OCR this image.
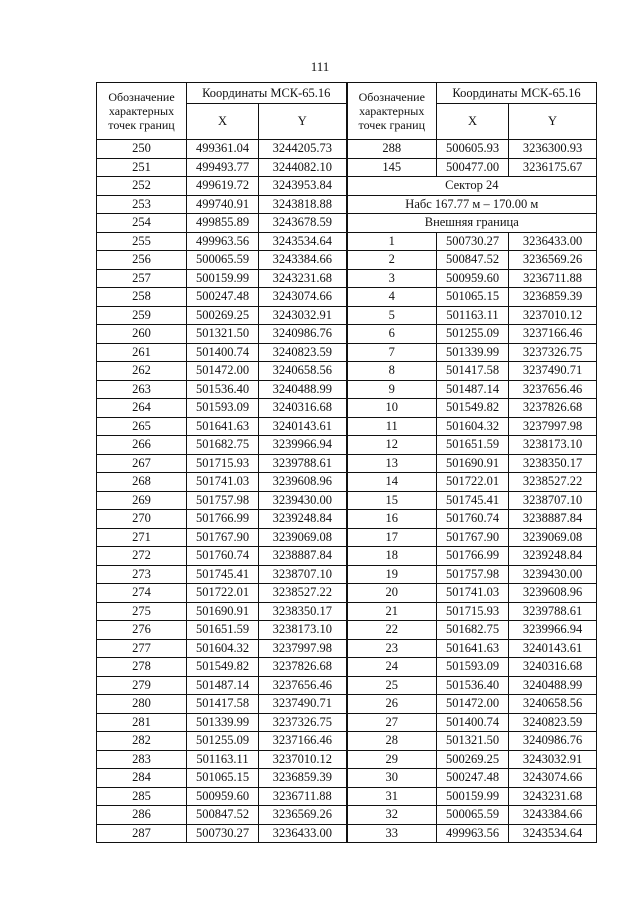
111
Обозначение характерных точек границ	Координаты МСК-65.16		Обозначение характерных точек границ	Координаты МСК-65.16	
	X	Y		X	Y
250	499361.04	3244205.73	288	500605.93	3236300.93
251	499493.77	3244082.10	145	500477.00	3236175.67
252	499619.72	3243953.84	Сектор 24		
253	499740.91	3243818.88	Набс 167.77 м – 170.00 м		
254	499855.89	3243678.59	Внешняя граница		
255	499963.56	3243534.64	1	500730.27	3236433.00
256	500065.59	3243384.66	2	500847.52	3236569.26
257	500159.99	3243231.68	3	500959.60	3236711.88
258	500247.48	3243074.66	4	501065.15	3236859.39
259	500269.25	3243032.91	5	501163.11	3237010.12
260	501321.50	3240986.76	6	501255.09	3237166.46
261	501400.74	3240823.59	7	501339.99	3237326.75
262	501472.00	3240658.56	8	501417.58	3237490.71
263	501536.40	3240488.99	9	501487.14	3237656.46
264	501593.09	3240316.68	10	501549.82	3237826.68
265	501641.63	3240143.61	11	501604.32	3237997.98
266	501682.75	3239966.94	12	501651.59	3238173.10
267	501715.93	3239788.61	13	501690.91	3238350.17
268	501741.03	3239608.96	14	501722.01	3238527.22
269	501757.98	3239430.00	15	501745.41	3238707.10
270	501766.99	3239248.84	16	501760.74	3238887.84
271	501767.90	3239069.08	17	501767.90	3239069.08
272	501760.74	3238887.84	18	501766.99	3239248.84
273	501745.41	3238707.10	19	501757.98	3239430.00
274	501722.01	3238527.22	20	501741.03	3239608.96
275	501690.91	3238350.17	21	501715.93	3239788.61
276	501651.59	3238173.10	22	501682.75	3239966.94
277	501604.32	3237997.98	23	501641.63	3240143.61
278	501549.82	3237826.68	24	501593.09	3240316.68
279	501487.14	3237656.46	25	501536.40	3240488.99
280	501417.58	3237490.71	26	501472.00	3240658.56
281	501339.99	3237326.75	27	501400.74	3240823.59
282	501255.09	3237166.46	28	501321.50	3240986.76
283	501163.11	3237010.12	29	500269.25	3243032.91
284	501065.15	3236859.39	30	500247.48	3243074.66
285	500959.60	3236711.88	31	500159.99	3243231.68
286	500847.52	3236569.26	32	500065.59	3243384.66
287	500730.27	3236433.00	33	499963.56	3243534.64
